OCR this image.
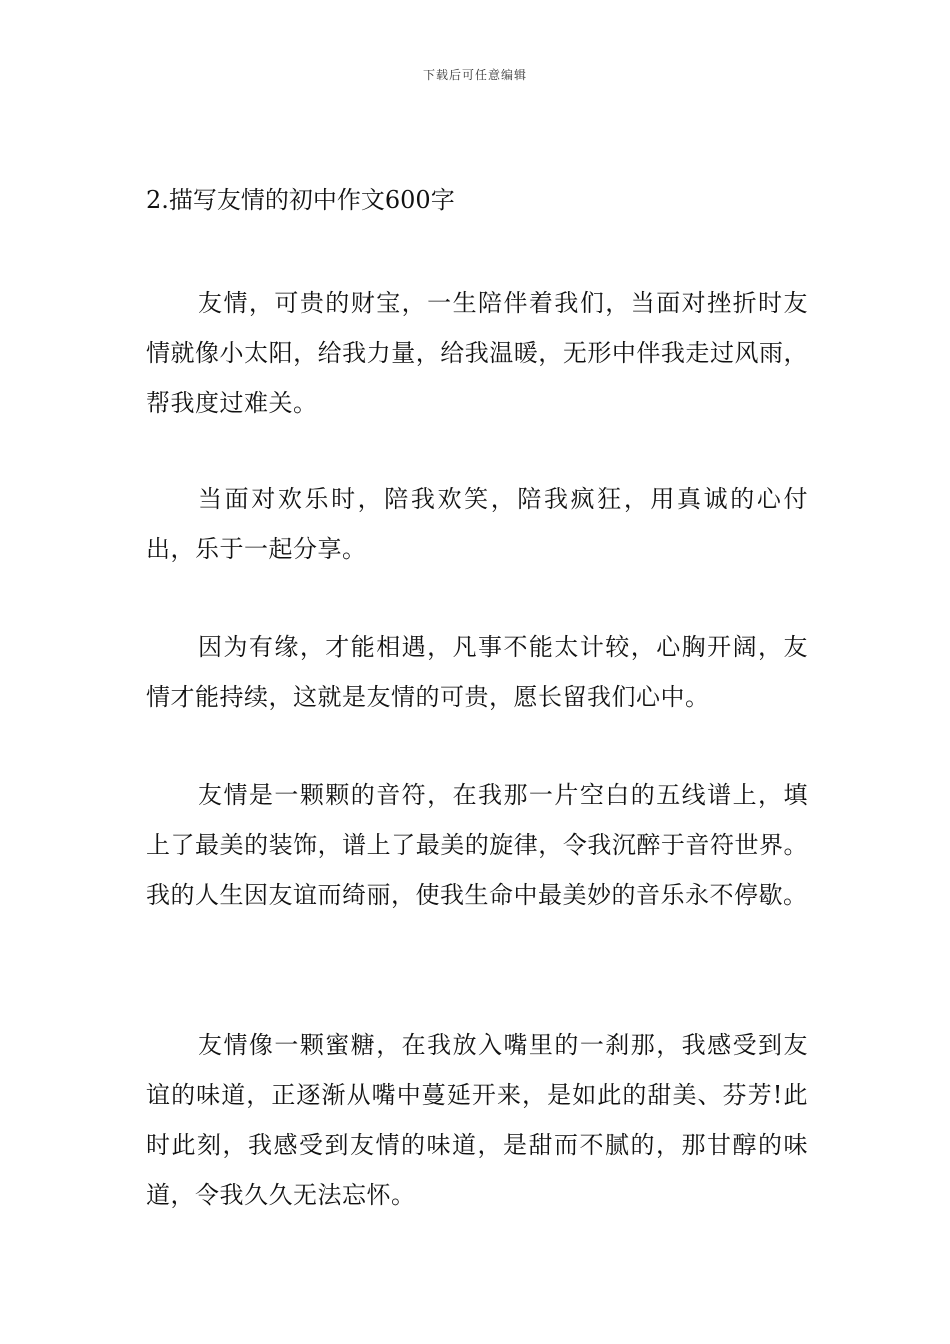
下载后可任意编辑
2.描写友情的初中作文600字

友情，可贵的财宝，一生陪伴着我们，当面对挫折时友情就像小太阳，给我力量，给我温暖，无形中伴我走过风雨，帮我度过难关。

当面对欢乐时，陪我欢笑，陪我疯狂，用真诚的心付出，乐于一起分享。

因为有缘，才能相遇，凡事不能太计较，心胸开阔，友情才能持续，这就是友情的可贵，愿长留我们心中。

友情是一颗颗的音符，在我那一片空白的五线谱上，填上了最美的装饰，谱上了最美的旋律，令我沉醉于音符世界。我的人生因友谊而绮丽，使我生命中最美妙的音乐永不停歇。

友情像一颗蜜糖，在我放入嘴里的一刹那，我感受到友谊的味道，正逐渐从嘴中蔓延开来，是如此的甜美、芬芳!此时此刻，我感受到友情的味道，是甜而不腻的，那甘醇的味道，令我久久无法忘怀。
